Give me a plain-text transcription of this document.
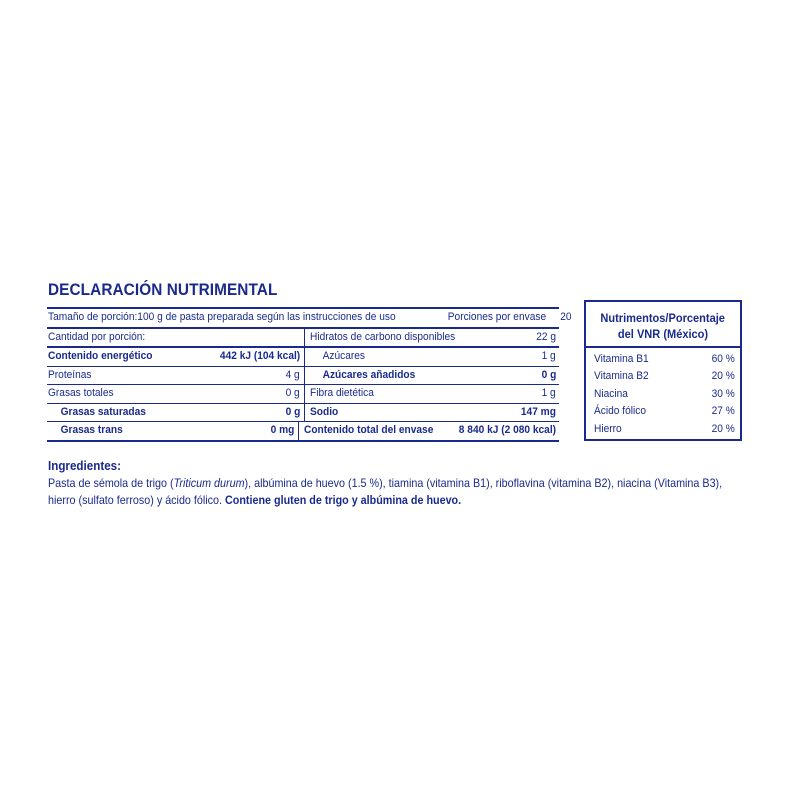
DECLARACIÓN NUTRIMENTAL
Tamaño de porción:100 g de pasta preparada según las instrucciones de uso	Porciones por envase 20
Cantidad por porción:	Hidratos de carbono disponibles	22 g
Contenido energético	442 kJ (104 kcal)	Azúcares	1 g
Proteínas	4 g	Azúcares añadidos	0 g
Grasas totales	0 g Fibra dietética	1 g
Grasas saturadas	0 g Sodio	147 mg
Grasas trans	0 mg Contenido total del envase 8 840 kJ (2 080 kcal)
Nutrimentos/Porcentaje
del VNR (México)
Vitamina B1	60 %
Vitamina B2	20 %
Niacina	30 %
Ácido fólico	27 %
Hierro	20 %
Ingredientes:
Pasta de sémola de trigo (Triticum durum), albúmina de huevo (1.5 %), tiamina (vitamina B1), riboflavina (vitamina B2), niacina (Vitamina B3), hierro (sulfato ferroso) y ácido fólico. Contiene gluten de trigo y albúmina de huevo.
